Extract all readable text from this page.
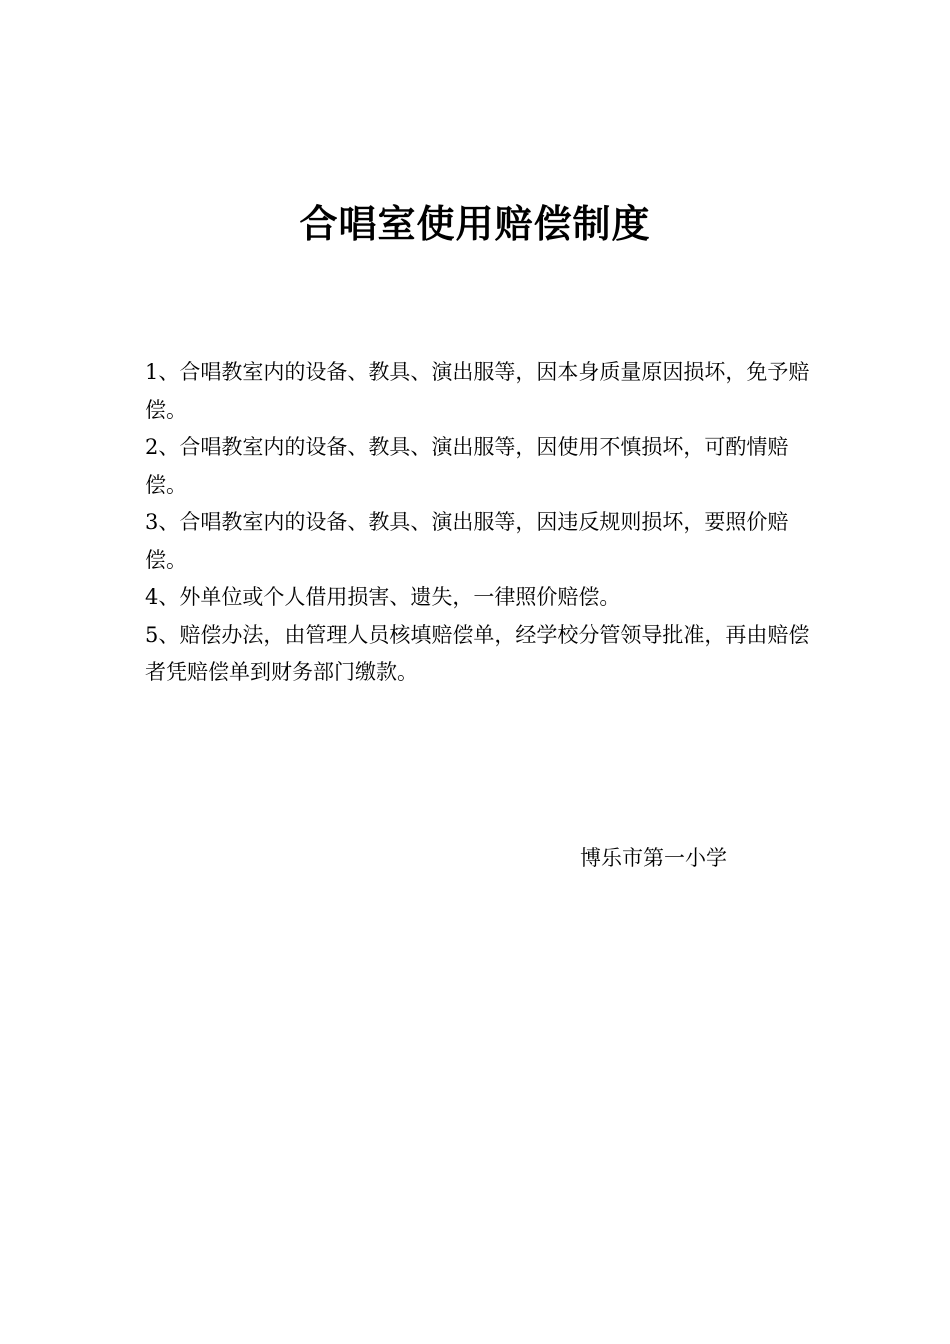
合唱室使用赔偿制度

1、合唱教室内的设备、教具、演出服等，因本身质量原因损坏，免予赔偿。

2、合唱教室内的设备、教具、演出服等，因使用不慎损坏，可酌情赔偿。

3、合唱教室内的设备、教具、演出服等，因违反规则损坏，要照价赔偿。

4、外单位或个人借用损害、遗失，一律照价赔偿。

5、赔偿办法，由管理人员核填赔偿单，经学校分管领导批准，再由赔偿者凭赔偿单到财务部门缴款。

博乐市第一小学
